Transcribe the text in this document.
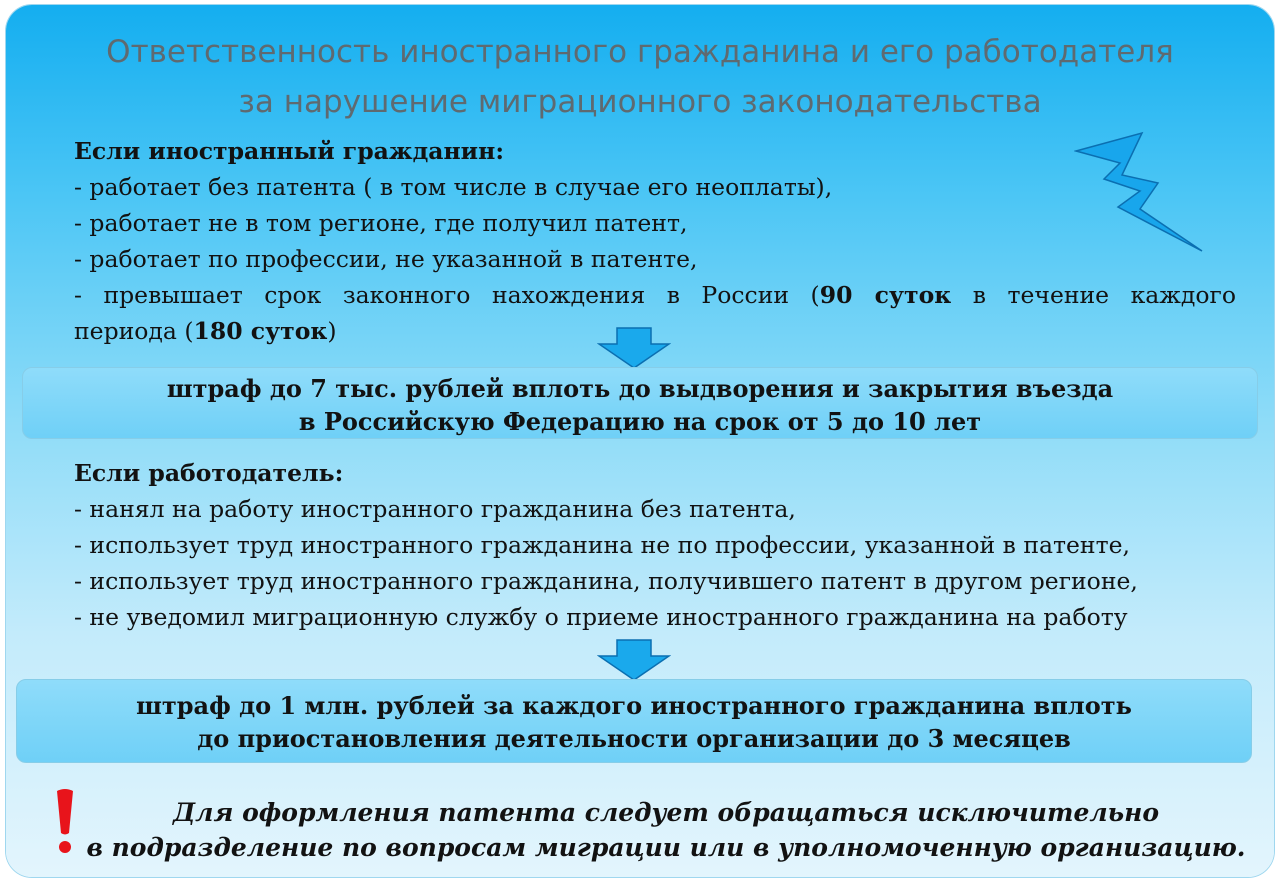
Ответственность иностранного гражданина и его работодателя
за нарушение миграционного законодательства
Если иностранный гражданин:
- работает без патента ( в том числе в случае его неоплаты),
- работает не в том регионе, где получил патент,
- работает по профессии, не указанной в патенте,
- превышает срок законного нахождения в России (90 суток в течение каждого
периода (180 суток)
штраф до 7 тыс. рублей вплоть до выдворения и закрытия въезда
в Российскую Федерацию на срок от 5 до 10 лет
Если работодатель:
- нанял на работу иностранного гражданина без патента,
- использует труд иностранного гражданина не по профессии, указанной в патенте,
- использует труд иностранного гражданина, получившего патент в другом регионе,
- не уведомил миграционную службу о приеме иностранного гражданина на работу
штраф до 1 млн. рублей за каждого иностранного гражданина вплоть
до приостановления деятельности организации до 3 месяцев
Для оформления патента следует обращаться исключительно
в подразделение по вопросам миграции или в уполномоченную организацию.
